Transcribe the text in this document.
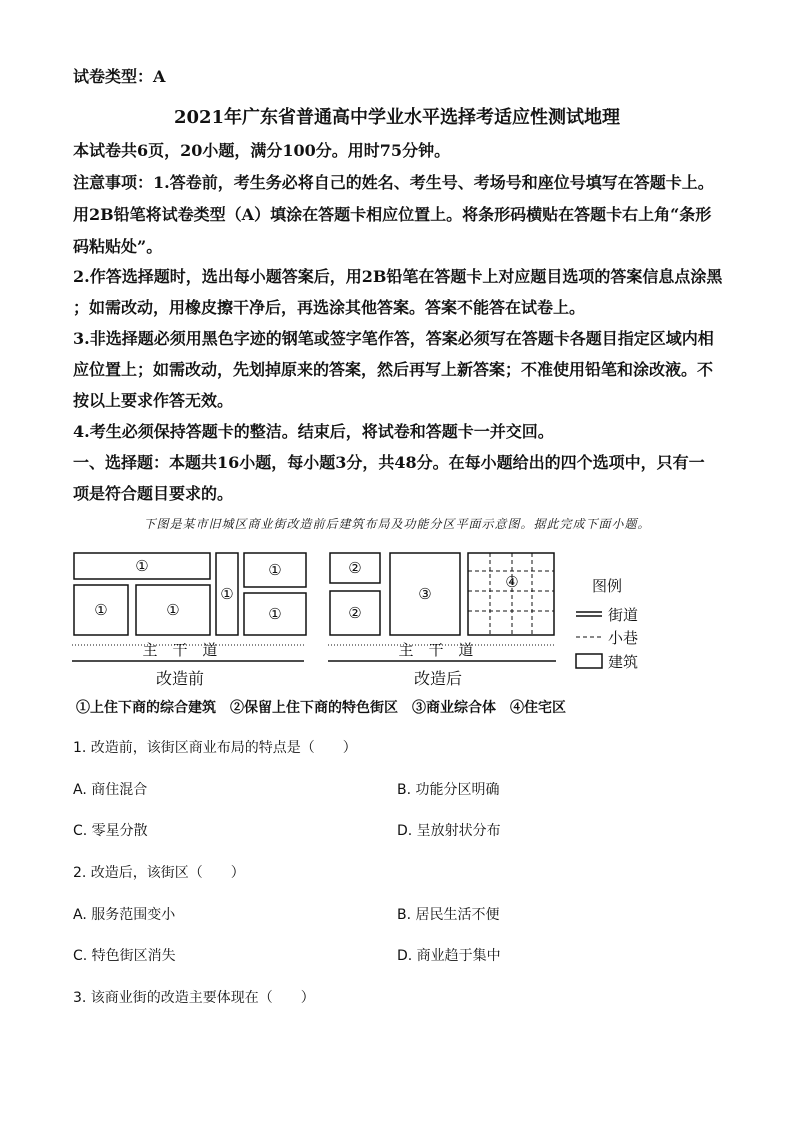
试卷类型：A
2021年广东省普通高中学业水平选择考适应性测试地理
本试卷共6页，20小题，满分100分。用时75分钟。
注意事项：1.答卷前，考生务必将自己的姓名、考生号、考场号和座位号填写在答题卡上。
用2B铅笔将试卷类型（A）填涂在答题卡相应位置上。将条形码横贴在答题卡右上角“条形
码粘贴处”。
2.作答选择题时，选出每小题答案后，用2B铅笔在答题卡上对应题目选项的答案信息点涂黑
；如需改动，用橡皮擦干净后，再选涂其他答案。答案不能答在试卷上。
3.非选择题必须用黑色字迹的钢笔或签字笔作答，答案必须写在答题卡各题目指定区域内相
应位置上；如需改动，先划掉原来的答案，然后再写上新答案；不准使用铅笔和涂改液。不
按以上要求作答无效。
4.考生必须保持答题卡的整洁。结束后，将试卷和答题卡一并交回。
一、选择题：本题共16小题，每小题3分，共48分。在每小题给出的四个选项中，只有一
项是符合题目要求的。
下图是某市旧城区商业街改造前后建筑布局及功能分区平面示意图。据此完成下面小题。
①
①	①
①
①
①
②
②
③
④
主　干　道	主　干　道
改造前	改造后
图例
街道
小巷
建筑
①上住下商的综合建筑　②保留上住下商的特色街区　③商业综合体　④住宅区
1. 改造前，该街区商业布局的特点是（　　）
A. 商住混合	B. 功能分区明确
C. 零星分散	D. 呈放射状分布
2. 改造后，该街区（　　）
A. 服务范围变小	B. 居民生活不便
C. 特色街区消失	D. 商业趋于集中
3. 该商业街的改造主要体现在（　　）
